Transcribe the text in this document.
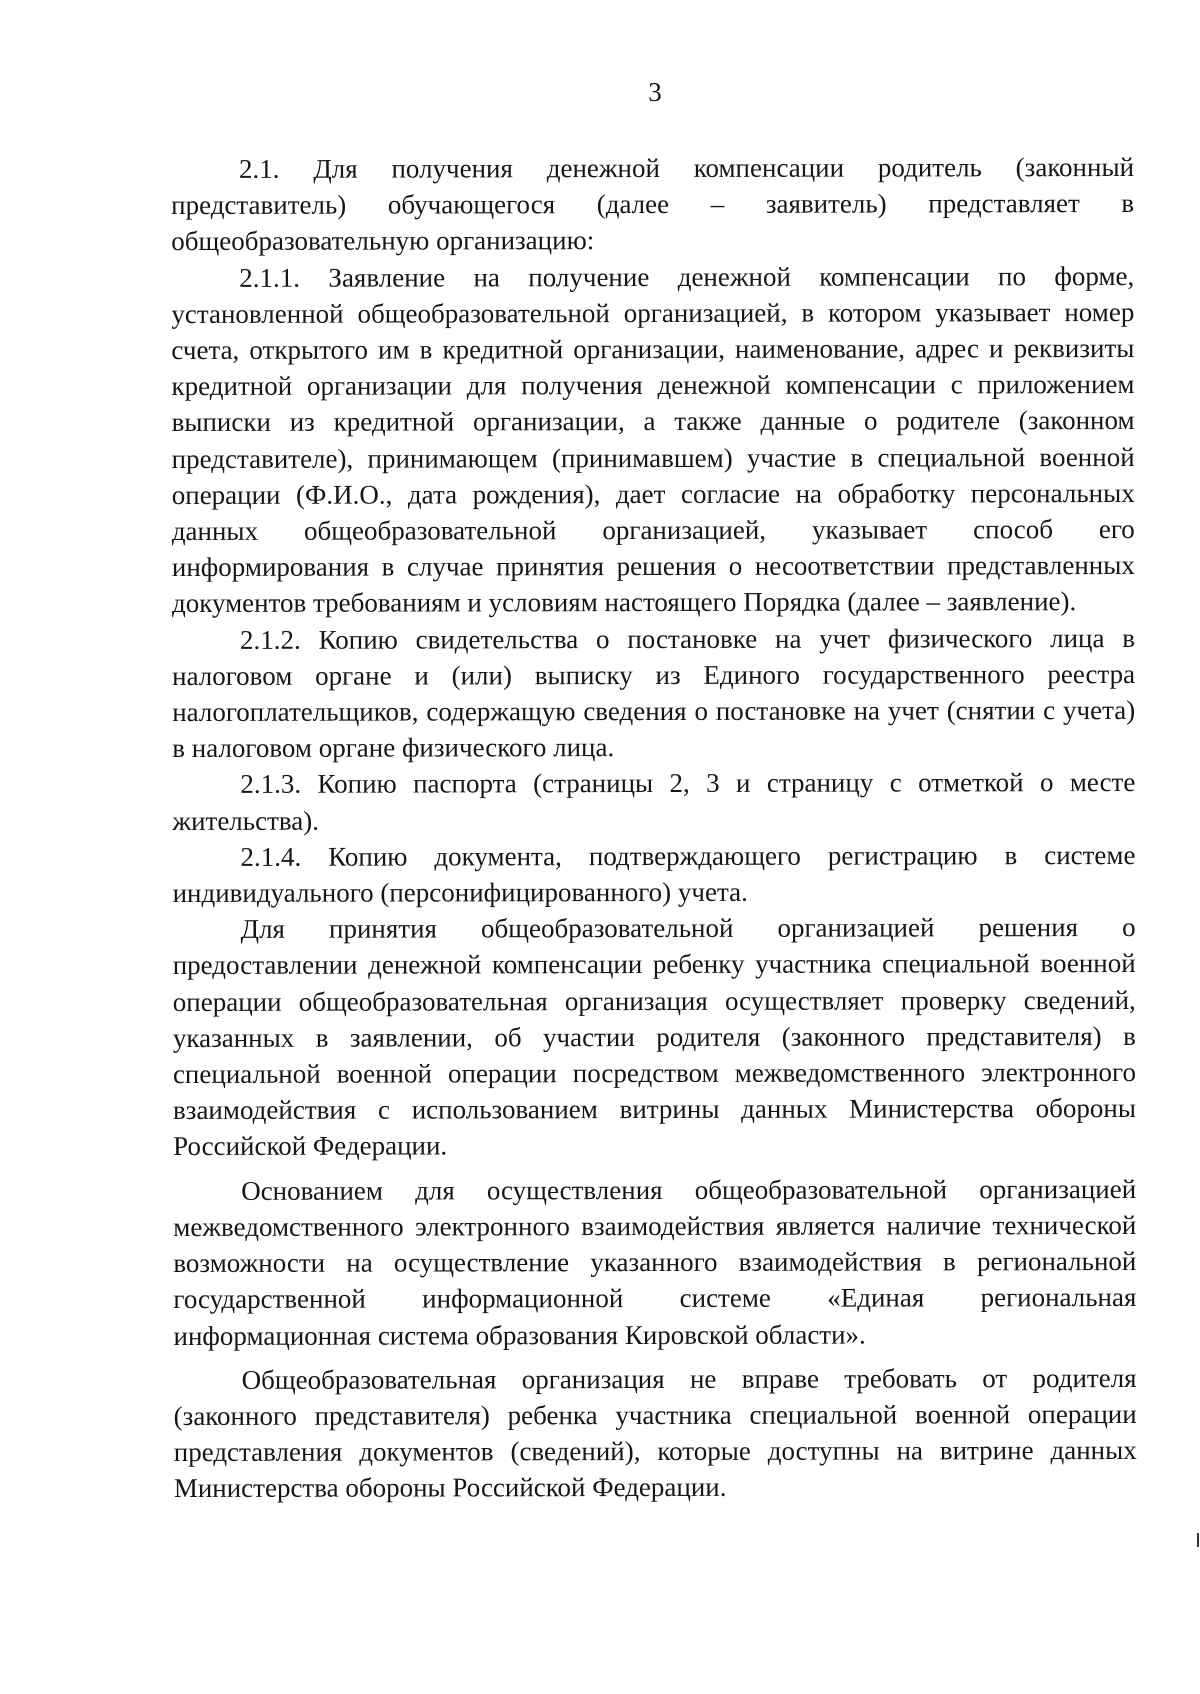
3

2.1. Для получения денежной компенсации родитель (законный представитель) обучающегося (далее – заявитель) представляет в общеобразовательную организацию:

2.1.1. Заявление на получение денежной компенсации по форме, установленной общеобразовательной организацией, в котором указывает номер счета, открытого им в кредитной организации, наименование, адрес и реквизиты кредитной организации для получения денежной компенсации с приложением выписки из кредитной организации, а также данные о родителе (законном представителе), принимающем (принимавшем) участие в специальной военной операции (Ф.И.О., дата рождения), дает согласие на обработку персональных данных общеобразовательной организацией, указывает способ его информирования в случае принятия решения о несоответствии представленных документов требованиям и условиям настоящего Порядка (далее – заявление).

2.1.2. Копию свидетельства о постановке на учет физического лица в налоговом органе и (или) выписку из Единого государственного реестра налогоплательщиков, содержащую сведения о постановке на учет (снятии с учета) в налоговом органе физического лица.

2.1.3. Копию паспорта (страницы 2, 3 и страницу с отметкой о месте жительства).

2.1.4. Копию документа, подтверждающего регистрацию в системе индивидуального (персонифицированного) учета.

Для принятия общеобразовательной организацией решения о предоставлении денежной компенсации ребенку участника специальной военной операции общеобразовательная организация осуществляет проверку сведений, указанных в заявлении, об участии родителя (законного представителя) в специальной военной операции посредством межведомственного электронного взаимодействия с использованием витрины данных Министерства обороны Российской Федерации.

Основанием для осуществления общеобразовательной организацией межведомственного электронного взаимодействия является наличие технической возможности на осуществление указанного взаимодействия в региональной государственной информационной системе «Единая региональная информационная система образования Кировской области».

Общеобразовательная организация не вправе требовать от родителя (законного представителя) ребенка участника специальной военной операции представления документов (сведений), которые доступны на витрине данных Министерства обороны Российской Федерации.
